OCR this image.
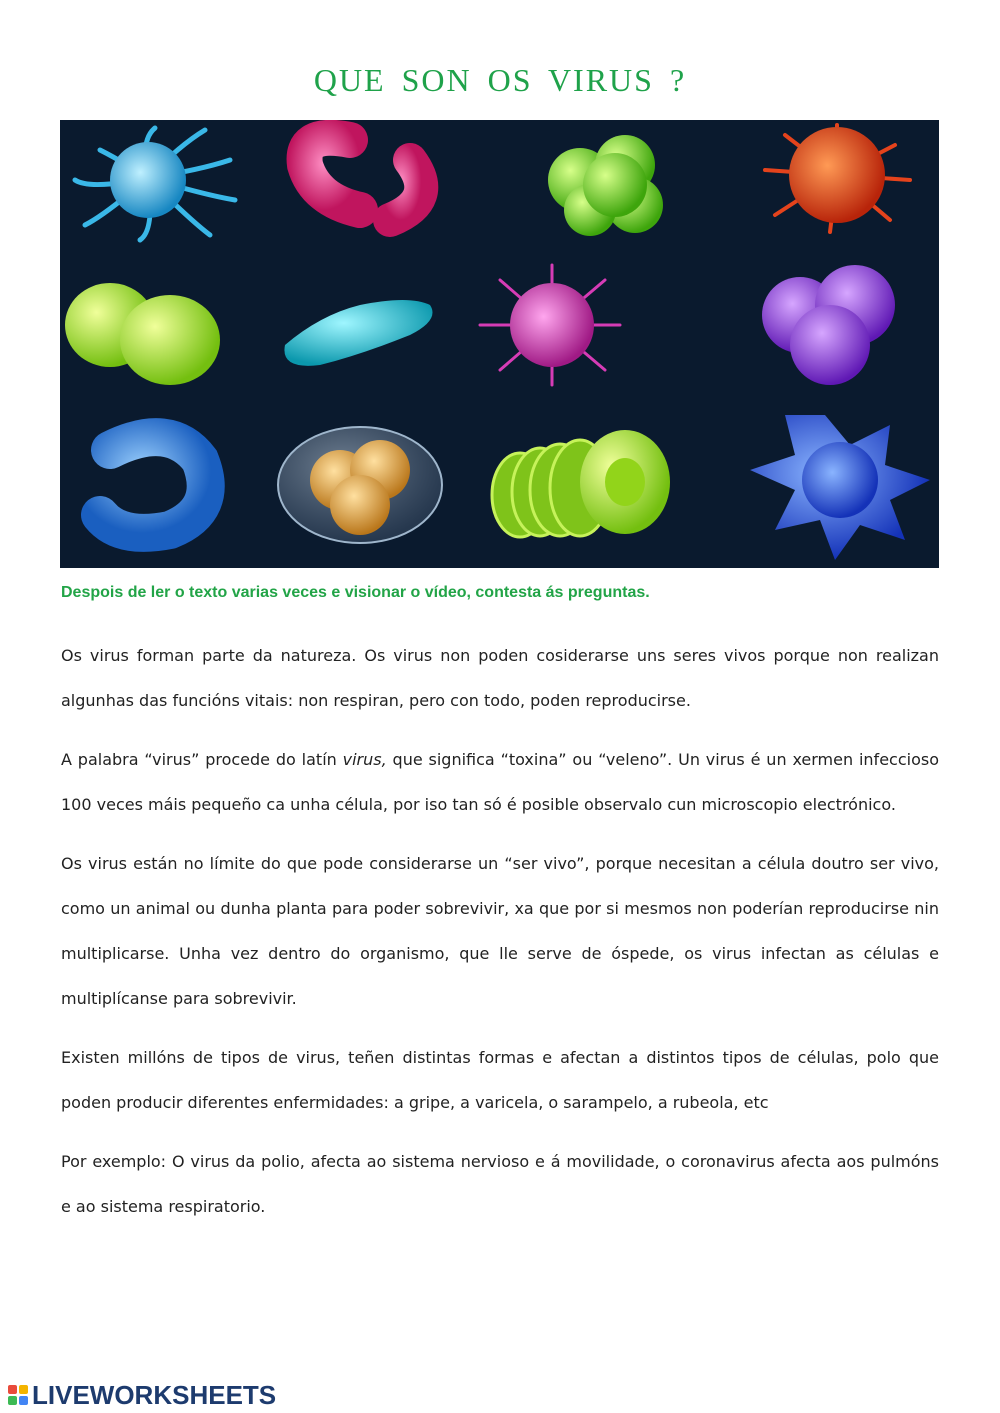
QUE SON OS VIRUS ?
Despois de ler o texto varias veces e visionar o vídeo, contesta ás preguntas.

Os virus forman parte da natureza. Os virus non poden cosiderarse uns seres vivos porque non realizan algunhas das funcións vitais: non respiran, pero con todo, poden reproducirse.

A palabra “virus” procede do latín virus, que significa “toxina” ou “veleno”. Un virus é un xermen infeccioso 100 veces máis pequeño ca unha célula, por iso tan só é posible observalo cun microscopio electrónico.

Os virus están no límite do que pode considerarse un “ser vivo”, porque necesitan a célula doutro ser vivo, como un animal ou dunha planta para poder sobrevivir, xa que por si mesmos non poderían reproducirse nin multiplicarse. Unha vez dentro do organismo, que lle serve de óspede, os virus infectan as células e multiplícanse para sobrevivir.

Existen millóns de tipos de virus, teñen distintas formas e afectan a distintos tipos de células, polo que poden producir diferentes enfermidades: a gripe, a varicela, o sarampelo, a rubeola, etc

Por exemplo: O virus da polio, afecta ao sistema nervioso e á movilidade, o coronavirus afecta aos pulmóns e ao sistema respiratorio.

LIVEWORKSHEETS
